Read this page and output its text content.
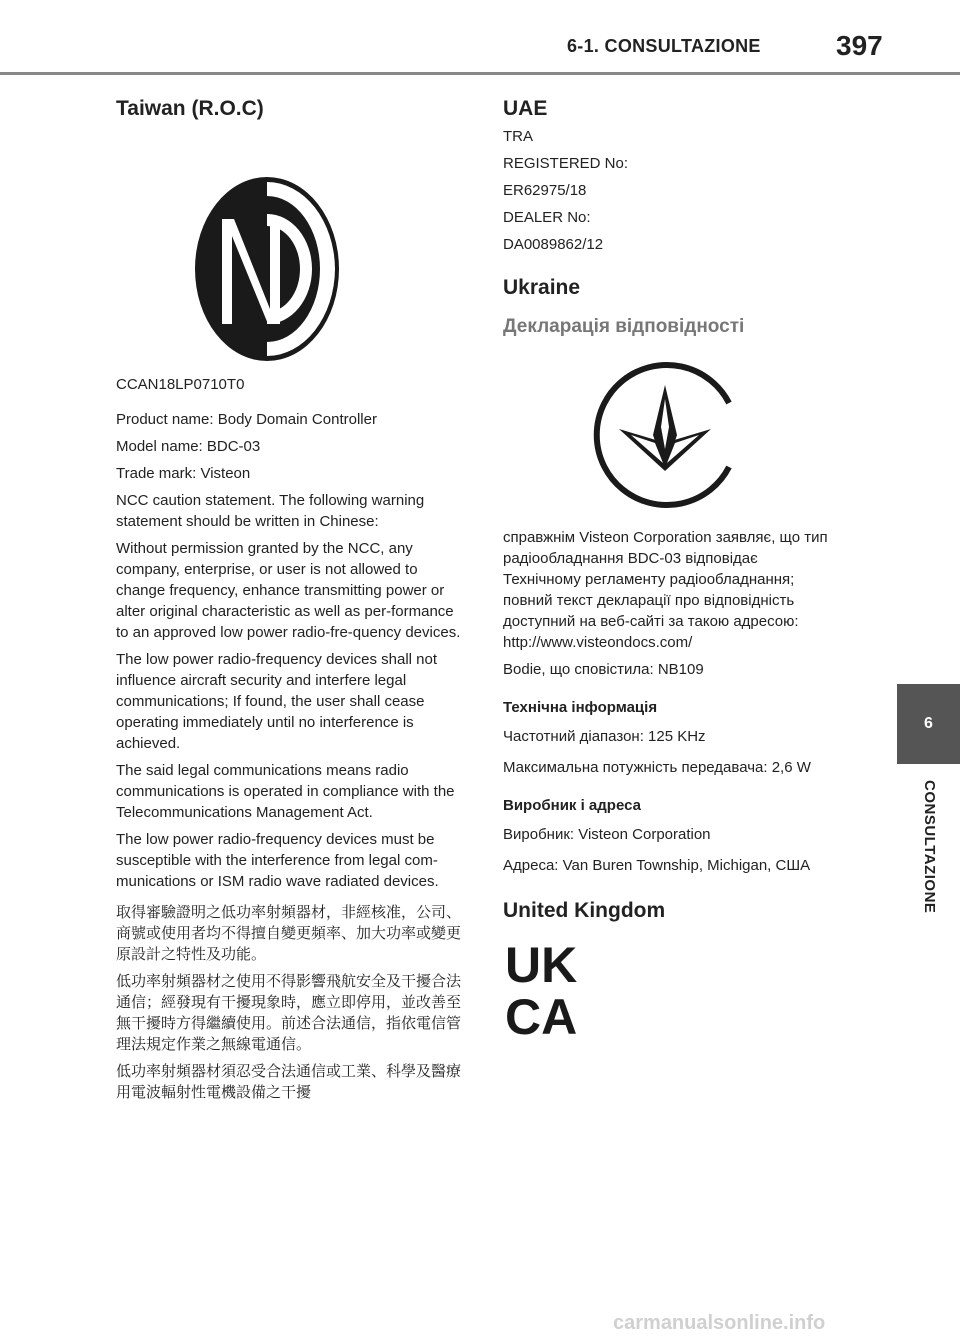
6-1. CONSULTAZIONE	397
Taiwan (R.O.C)

CCAN18LP0710T0

Product name: Body Domain Controller

Model name: BDC-03

Trade mark: Visteon

NCC caution statement. The following warning statement should be written in Chinese:

Without permission granted by the NCC, any company, enterprise, or user is not allowed to change frequency, enhance transmitting power or alter original characteristic as well as per-formance to an approved low power radio-fre-quency devices.

The low power radio-frequency devices shall not influence aircraft security and interfere legal communications; If found, the user shall cease operating immediately until no interference is achieved.

The said legal communications means radio communications is operated in compliance with the Telecommunications Management Act.

The low power radio-frequency devices must be susceptible with the interference from legal com-munications or ISM radio wave radiated devices.

取得審驗證明之低功率射頻器材，非經核准，公司、商號或使用者均不得擅自變更頻率、加大功率或變更原設計之特性及功能。

低功率射頻器材之使用不得影響飛航安全及干擾合法通信；經發現有干擾現象時，應立即停用，並改善至無干擾時方得繼續使用。前述合法通信，指依電信管理法規定作業之無線電通信。

低功率射頻器材須忍受合法通信或工業、科學及醫療用電波輻射性電機設備之干擾

UAE

TRA

REGISTERED No:

ER62975/18

DEALER No:

DA0089862/12

Ukraine
Декларація відповідності

справжнім Visteon Corporation заявляє, що тип радіообладнання BDC-03 відповідає Технічному регламенту радіообладнання; повний текст декларації про відповідність доступний на веб-сайті за такою адресою: http://www.visteondocs.com/

Bodie, що сповістила: NB109

Технічна інформація

Частотний діапазон: 125 KHz

Максимальна потужність передавача: 2,6 W

Виробник і адреса

Виробник: Visteon Corporation

Адреса: Van Buren Township, Michigan, США

United Kingdom
UK
CA
6
CONSULTAZIONE
carmanualsonline.info
